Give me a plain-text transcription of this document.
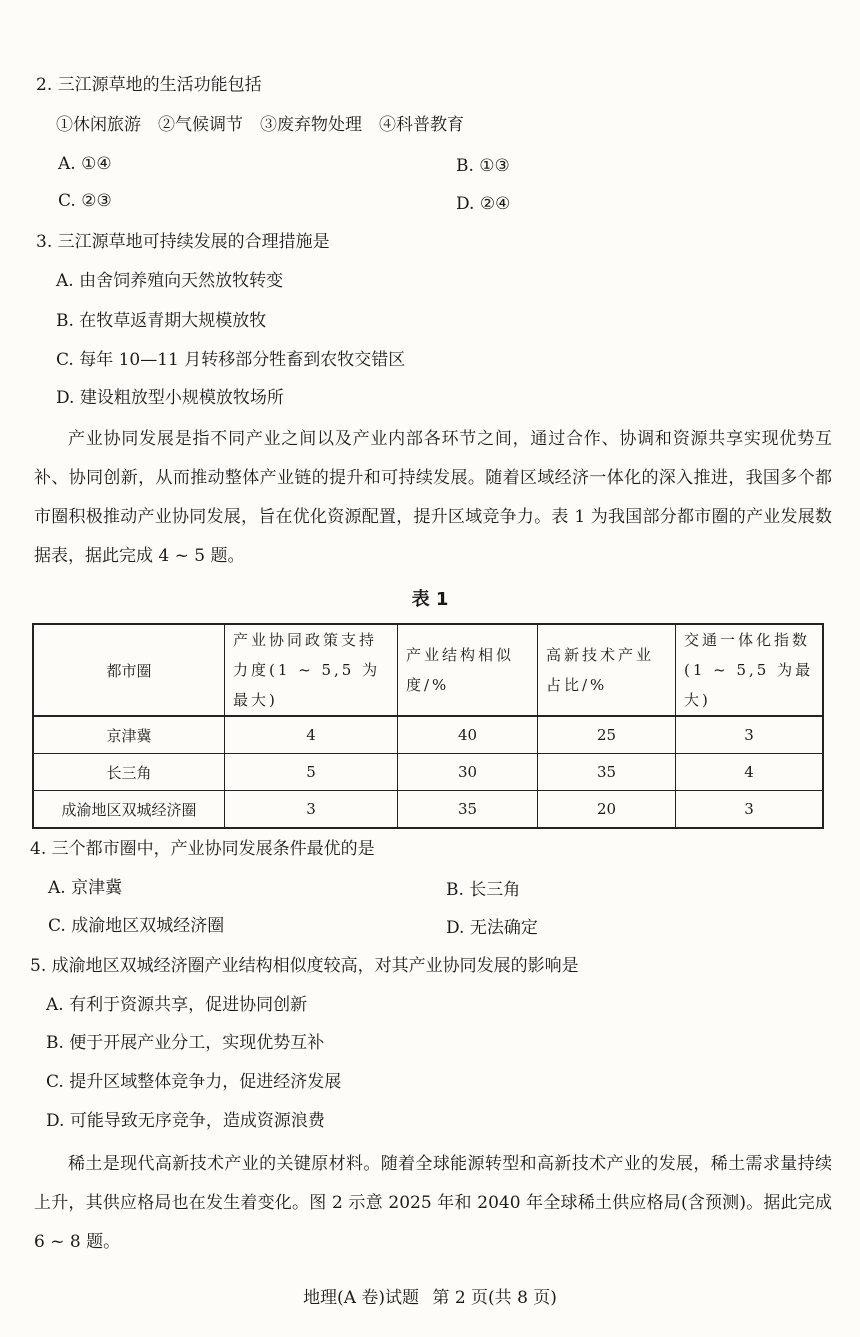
2. 三江源草地的生活功能包括
①休闲旅游　②气候调节　③废弃物处理　④科普教育
A. ①④	B. ①③
C. ②③	D. ②④
3. 三江源草地可持续发展的合理措施是
A. 由舍饲养殖向天然放牧转变
B. 在牧草返青期大规模放牧
C. 每年 10—11 月转移部分牲畜到农牧交错区
D. 建设粗放型小规模放牧场所

产业协同发展是指不同产业之间以及产业内部各环节之间，通过合作、协调和资源共享实现优势互补、协同创新，从而推动整体产业链的提升和可持续发展。随着区域经济一体化的深入推进，我国多个都市圈积极推动产业协同发展，旨在优化资源配置，提升区域竞争力。表 1 为我国部分都市圈的产业发展数据表，据此完成 4 ~ 5 题。

表 1
都市圈	产业协同政策支持力度(1 ~ 5,5 为最大)	产业结构相似度/%	高新技术产业占比/%	交通一体化指数(1 ~ 5,5 为最大)
京津冀	4	40	25	3
长三角	5	30	35	4
成渝地区双城经济圈	3	35	20	3
4. 三个都市圈中，产业协同发展条件最优的是
A. 京津冀	B. 长三角
C. 成渝地区双城经济圈	D. 无法确定
5. 成渝地区双城经济圈产业结构相似度较高，对其产业协同发展的影响是
A. 有利于资源共享，促进协同创新
B. 便于开展产业分工，实现优势互补
C. 提升区域整体竞争力，促进经济发展
D. 可能导致无序竞争，造成资源浪费

稀土是现代高新技术产业的关键原材料。随着全球能源转型和高新技术产业的发展，稀土需求量持续上升，其供应格局也在发生着变化。图 2 示意 2025 年和 2040 年全球稀土供应格局(含预测)。据此完成 6 ~ 8 题。

地理(A 卷)试题 第 2 页(共 8 页)
